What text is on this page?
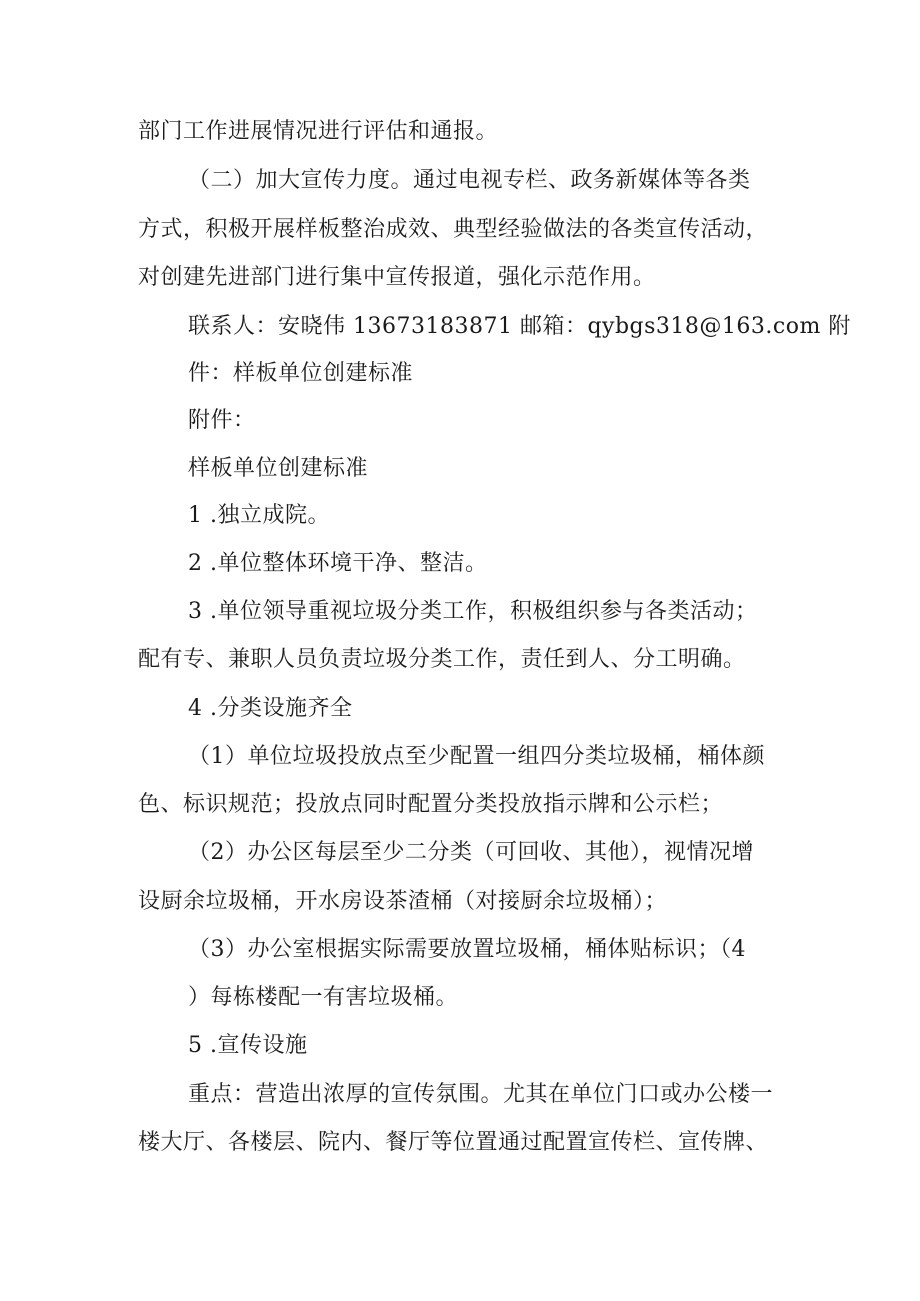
部门工作进展情况进行评估和通报。
（二）加大宣传力度。通过电视专栏、政务新媒体等各类
方式，积极开展样板整治成效、典型经验做法的各类宣传活动，
对创建先进部门进行集中宣传报道，强化示范作用。
联系人：安晓伟 13673183871 邮箱：qybgs318@163.com 附
件：样板单位创建标准
附件：
样板单位创建标准
1 .独立成院。
2 .单位整体环境干净、整洁。
3 .单位领导重视垃圾分类工作，积极组织参与各类活动；
配有专、兼职人员负责垃圾分类工作，责任到人、分工明确。
4 .分类设施齐全
（1）单位垃圾投放点至少配置一组四分类垃圾桶，桶体颜
色、标识规范；投放点同时配置分类投放指示牌和公示栏；
（2）办公区每层至少二分类（可回收、其他），视情况增
设厨余垃圾桶，开水房设茶渣桶（对接厨余垃圾桶）；
（3）办公室根据实际需要放置垃圾桶，桶体贴标识；（4
）每栋楼配一有害垃圾桶。
5 .宣传设施
重点：营造出浓厚的宣传氛围。尤其在单位门口或办公楼一
楼大厅、各楼层、院内、餐厅等位置通过配置宣传栏、宣传牌、
